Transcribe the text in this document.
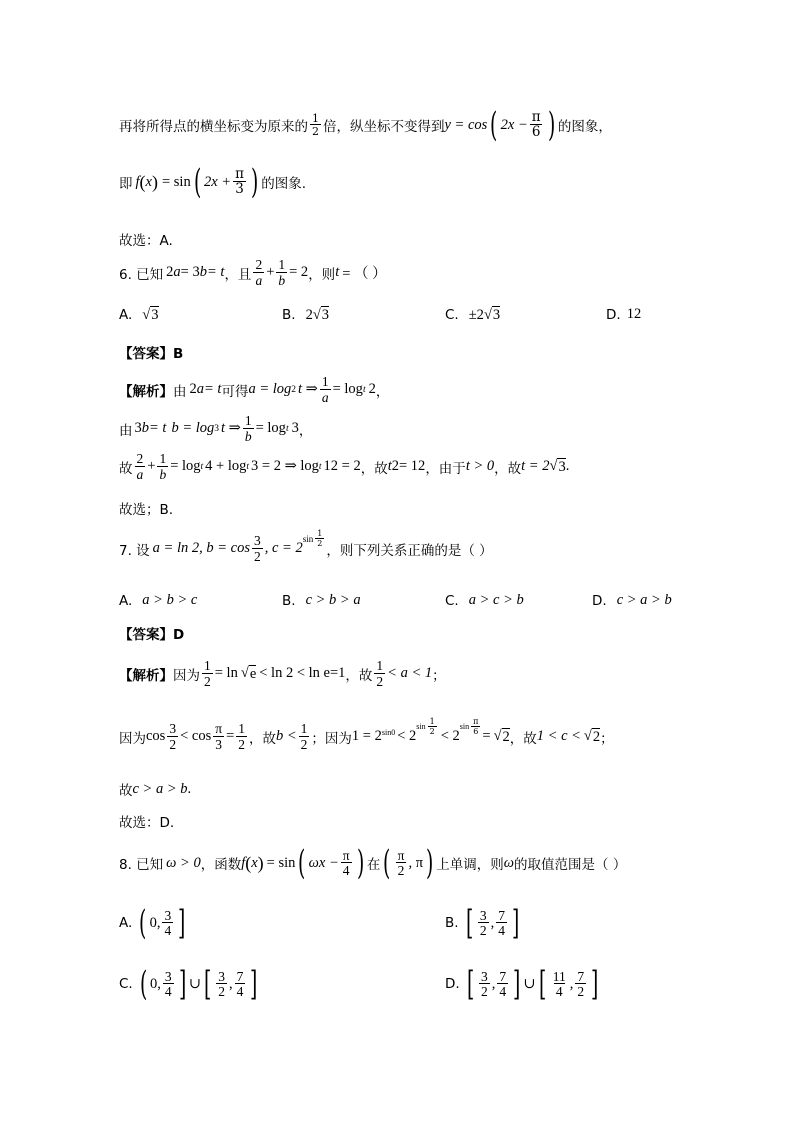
再将所得点的横坐标变为原来的 $\frac{1}{2}$ 倍，纵坐标不变得到 y = cos ( $2x - \frac{\pi}{6}$ ) 的图象，
即 f ( x ) = sin ( $2x + \frac{\pi}{3}$ ) 的图象.
故选：A.
6. 已知 2 a = 3 b = t ，且 $\frac{2}{a} + \frac{1}{b} = 2$ ，则 t = （ ）
A. √ 3	B. 2 √ 3	C. ±2 √ 3	D. 12
【答案】B
【解析】 由 2 a = t 可得 a = log 2 t ⇒ $\frac{1}{a} = \log t$ 2 ，
由 3 b = t b = log 3 t ⇒ $\frac{1}{b} = \log t$ 3 ，
故 $\frac{2}{a} + \frac{1}{b} = \log t$ 4 + log t 3 = 2 ⇒ log t 12 = 2 ，故 t 2 = 12 ，由于 t > 0 ，故 t = 2 √ 3 .
故选；B.
7. 设 a = ln 2, $b = \cos \frac{3}{2}$ , c = 2
$\sin \frac{1}{2}$
，则下列关系正确的是（ ）
A. a > b > c	B. c > b > a	C. a > c > b	D. c > a > b
【答案】D
【解析】 因为 $\frac{1}{2} = \ln$ √ e < ln 2 < ln e=1 ，故 $\frac{1}{2} < a < 1$ ；
因为 $\cos \frac{3}{2} < \cos \frac{\pi}{3} = \frac{1}{2}$ ，故 $b < \frac{1}{2}$ ；因为 $1 = 2^{sin0} < 2$
$\sin \frac{1}{2}$
< 2
$\sin \frac{\pi}{6}$
= √ 2 ，故 1 < c < √ 2 ；
故 c > a > b .
故选：D.
8. 已知 ω > 0 ，函数 f ( x ) = sin ( $\omega x - \frac{\pi}{4}$ ) 在 ( $\frac{\pi}{2}$ , π ) 上单调，则 ω 的取值范围是（ ）
A. ( 0, $\frac{3}{4}$ ]	B. [ $\frac{3}{2}$ , $\frac{7}{4}$ ]
C. ( 0, $\frac{3}{4}$ ] ∪ [ $\frac{3}{2}$ , $\frac{7}{4}$ ]	D. [ $\frac{3}{2}$ , $\frac{7}{4}$ ] ∪ [ $\frac{11}{4}$ , $\frac{7}{2}$ ]
